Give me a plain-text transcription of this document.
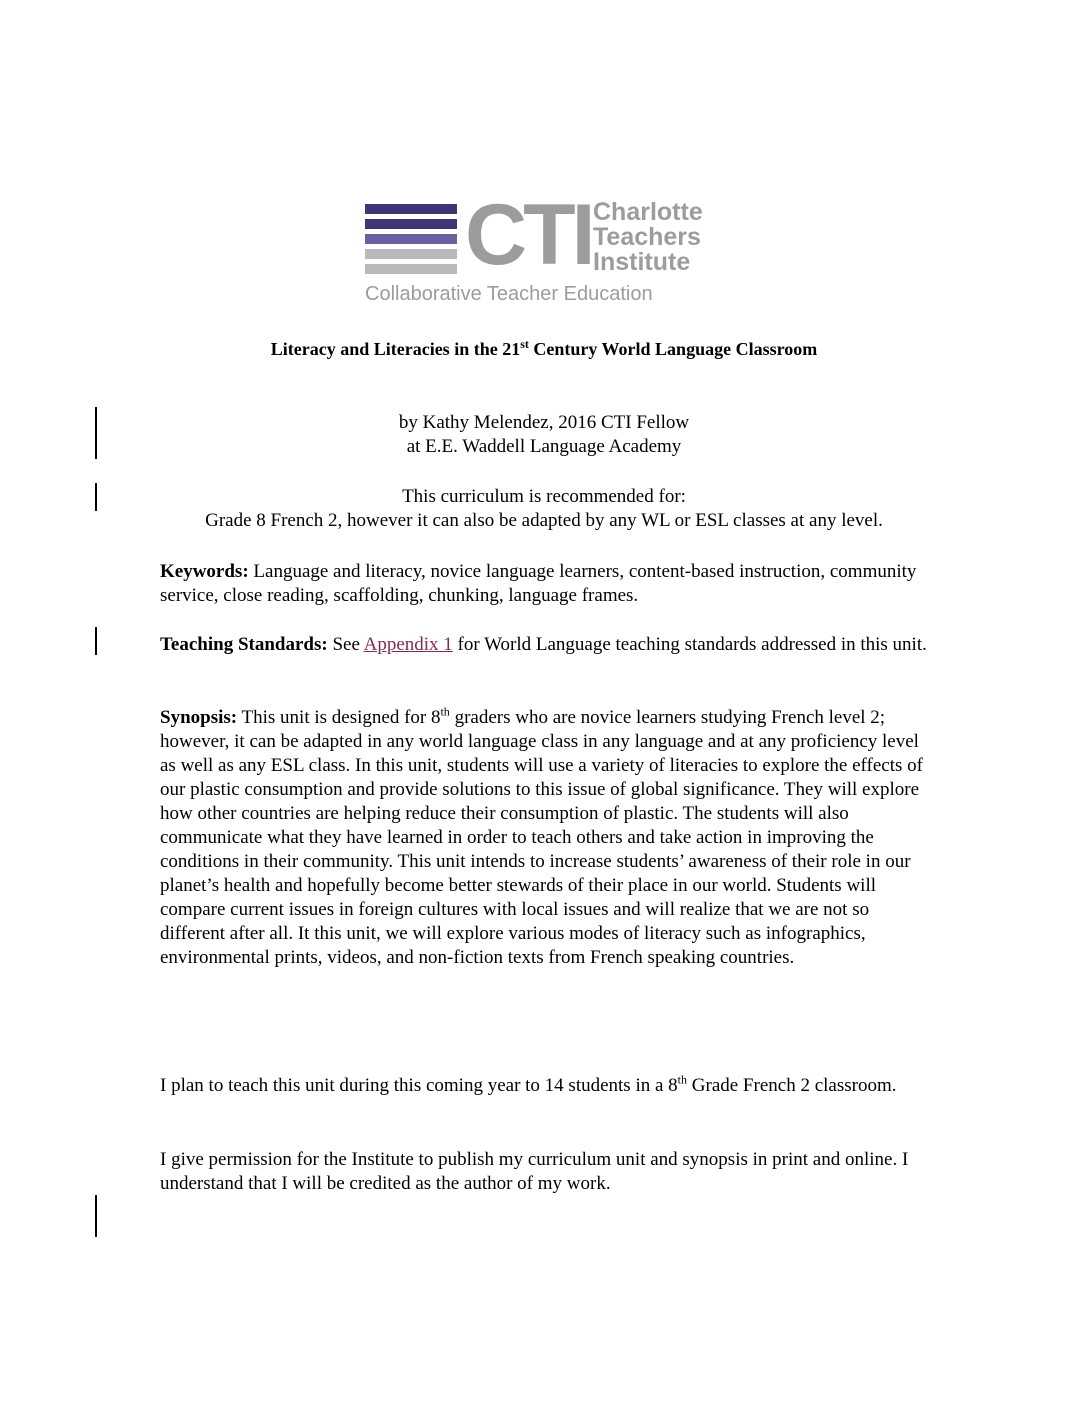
CTI Charlotte
Teachers
Institute
Collaborative Teacher Education
Literacy and Literacies in the 21st Century World Language Classroom
by Kathy Melendez, 2016 CTI Fellow
at E.E. Waddell Language Academy
This curriculum is recommended for:
Grade 8 French 2, however it can also be adapted by any WL or ESL classes at any level.
Keywords: Language and literacy, novice language learners, content-based instruction, community service, close reading, scaffolding, chunking, language frames.
Teaching Standards: See Appendix 1 for World Language teaching standards addressed in this unit.
Synopsis: This unit is designed for 8th graders who are novice learners studying French level 2; however, it can be adapted in any world language class in any language and at any proficiency level as well as any ESL class. In this unit, students will use a variety of literacies to explore the effects of our plastic consumption and provide solutions to this issue of global significance. They will explore how other countries are helping reduce their consumption of plastic. The students will also communicate what they have learned in order to teach others and take action in improving the conditions in their community. This unit intends to increase students’ awareness of their role in our planet’s health and hopefully become better stewards of their place in our world. Students will compare current issues in foreign cultures with local issues and will realize that we are not so different after all. It this unit, we will explore various modes of literacy such as infographics, environmental prints, videos, and non-fiction texts from French speaking countries.
I plan to teach this unit during this coming year to 14 students in a 8th Grade French 2 classroom.
I give permission for the Institute to publish my curriculum unit and synopsis in print and online. I understand that I will be credited as the author of my work.
